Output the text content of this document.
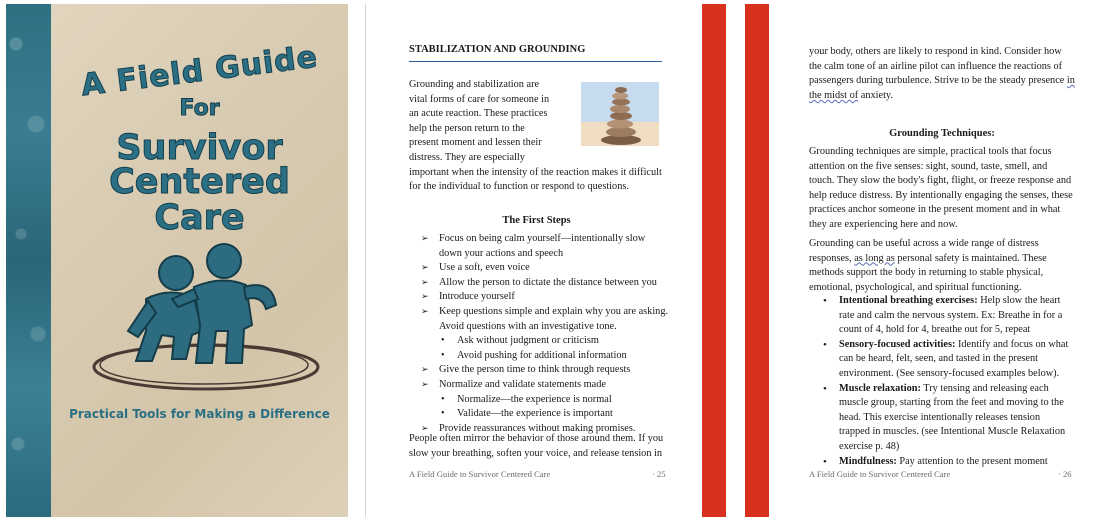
A Field Guide
For
Survivor
Centered
Care
Practical Tools for Making a Difference
STABILIZATION AND GROUNDING
Grounding and stabilization are
vital forms of care for someone in
an acute reaction. These practices
help the person return to the
present moment and lessen their
distress. They are especially
important when the intensity of the reaction makes it difficult for the individual to function or respond to questions.
The First Steps
➢ Focus on being calm yourself—intentionally slow down your actions and speech
➢ Use a soft, even voice
➢ Allow the person to dictate the distance between you
➢ Introduce yourself
➢ Keep questions simple and explain why you are asking. Avoid questions with an investigative tone.
• Ask without judgment or criticism
• Avoid pushing for additional information
➢ Give the person time to think through requests
➢ Normalize and validate statements made
• Normalize—the experience is normal
• Validate—the experience is important
➢ Provide reassurances without making promises.
People often mirror the behavior of those around them. If you slow your breathing, soften your voice, and release tension in
A Field Guide to Survivor Centered Care	· 25
your body, others are likely to respond in kind. Consider how the calm tone of an airline pilot can influence the reactions of passengers during turbulence. Strive to be the steady presence in the midst of anxiety.
Grounding Techniques:
Grounding techniques are simple, practical tools that focus attention on the five senses: sight, sound, taste, smell, and touch. They slow the body's fight, flight, or freeze response and help reduce distress. By intentionally engaging the senses, these practices anchor someone in the present moment and in what they are experiencing here and now.
Grounding can be useful across a wide range of distress responses, as long as personal safety is maintained. These methods support the body in returning to stable physical, emotional, psychological, and spiritual functioning.
• Intentional breathing exercises: Help slow the heart rate and calm the nervous system. Ex: Breathe in for a count of 4, hold for 4, breathe out for 5, repeat
• Sensory-focused activities: Identify and focus on what can be heard, felt, seen, and tasted in the present environment. (See sensory-focused examples below).
• Muscle relaxation: Try tensing and releasing each muscle group, starting from the feet and moving to the head. This exercise intentionally releases tension trapped in muscles. (see Intentional Muscle Relaxation exercise p. 48)
• Mindfulness: Pay attention to the present moment
A Field Guide to Survivor Centered Care	· 26
